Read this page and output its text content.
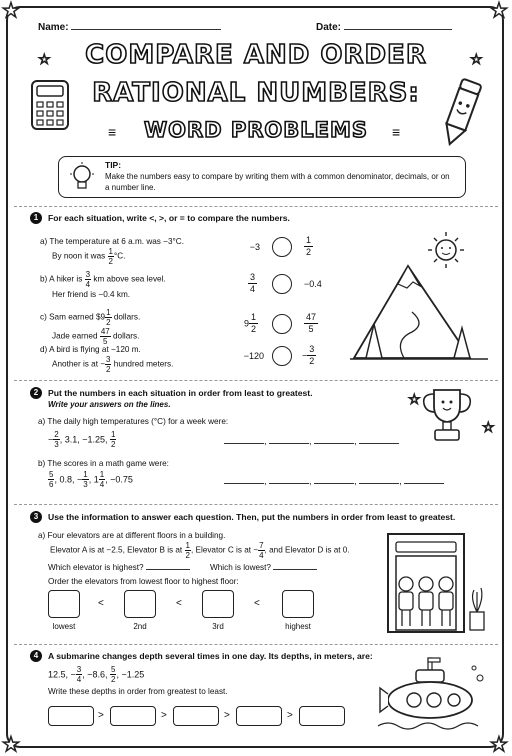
★	★
★	★
☆	☆
☆
☆
Name:	Date:
COMPARE AND ORDER
RATIONAL NUMBERS:
WORD PROBLEMS
≡	≡
TIP:
Make the numbers easy to compare by writing them with a common denominator, decimals, or on a number line.
1	For each situation, write <, >, or = to compare the numbers.
a) The temperature at 6 a.m. was −3°C.
By noon it was $\frac{1}{2} ^\circ C$.
−3	$\frac{1}{2}$
b) A hiker is $\frac{3}{4}$ km above sea level.
Her friend is −0.4 km.	$\frac{3}{4}$	−0.4
c) Sam earned $9 $\frac{1}{2}$ dollars.
Jade earned $\frac{47}{5}$ dollars.
$9 \frac{1}{2}$	$\frac{47}{5}$
d) A bird is flying at −120 m.
Another is at − $\frac{3}{2}$ hundred meters.
−120	− $\frac{3}{2}$
2	Put the numbers in each situation in order from least to greatest.
Write your answers on the lines.
a) The daily high temperatures (°C) for a week were:
− $\frac{2}{3}$ , 3.1, −1.25, $\frac{1}{2}$	,	,	,
b) The scores in a math game were:
$\frac{5}{6}$ , 0.8, − $\frac{1}{3}$ , $1 \frac{1}{4}$ , −0.75	,	,	,	,
3	Use the information to answer each question. Then, put the numbers in order from least to greatest.
a) Four elevators are at different floors in a building.
Elevator A is at −2.5, Elevator B is at $\frac{1}{2}$ , Elevator C is at − $\frac{7}{4}$ , and Elevator D is at 0.
Which elevator is highest?	Which is lowest?
Order the elevators from lowest floor to highest floor:
<	<	<
lowest	2nd	3rd	highest
4	A submarine changes depth several times in one day. Its depths, in meters, are:
12.5, − $\frac{3}{4}$ , −8.6, $\frac{5}{2}$ , −1.25
Write these depths in order from greatest to least.
>	>	>	>
